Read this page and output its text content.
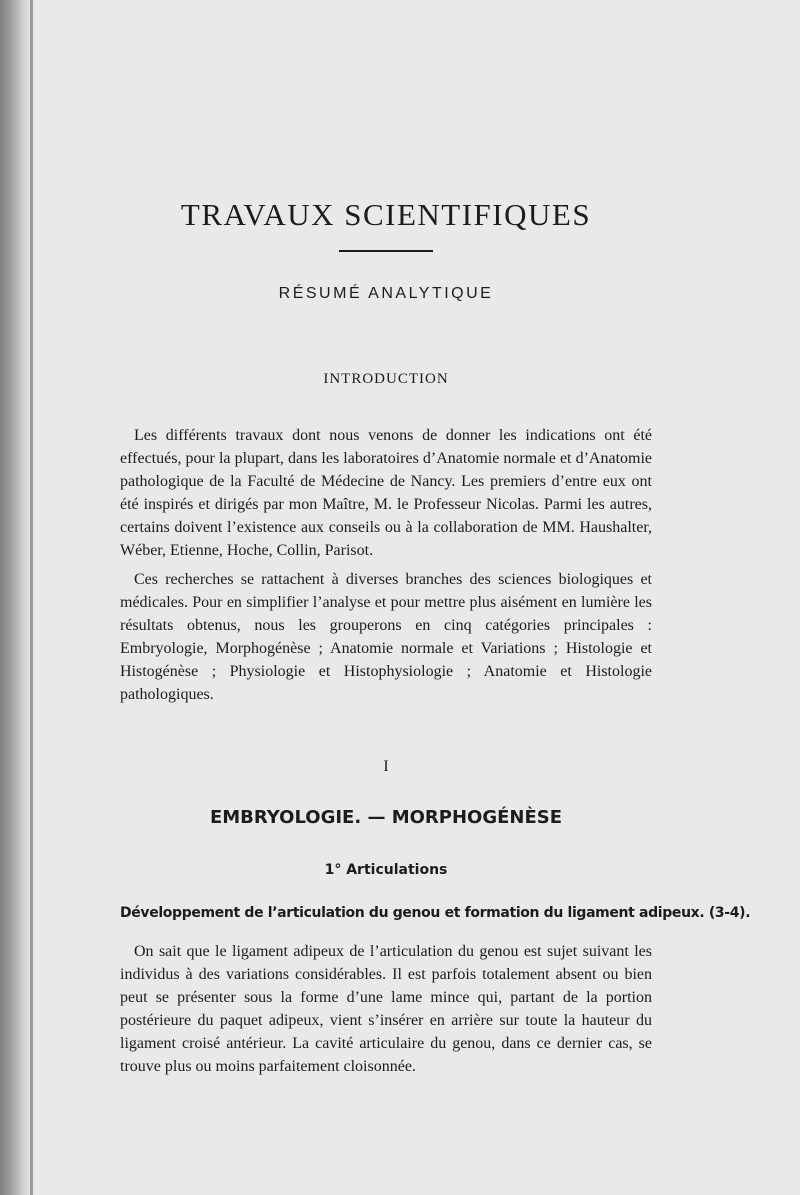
TRAVAUX SCIENTIFIQUES
RÉSUMÉ ANALYTIQUE
INTRODUCTION

Les différents travaux dont nous venons de donner les indications ont été effectués, pour la plupart, dans les laboratoires d’Anatomie normale et d’Anatomie pathologique de la Faculté de Médecine de Nancy. Les premiers d’entre eux ont été inspirés et dirigés par mon Maître, M. le Professeur Nicolas. Parmi les autres, certains doivent l’existence aux conseils ou à la collaboration de MM. Haushalter, Wéber, Etienne, Hoche, Collin, Parisot.

Ces recherches se rattachent à diverses branches des sciences biologiques et médicales. Pour en simplifier l’analyse et pour mettre plus aisément en lumière les résultats obtenus, nous les grouperons en cinq catégories principales : Embryologie, Morphogénèse ; Anatomie normale et Variations ; Histologie et Histogénèse ; Physiologie et Histophysiologie ; Anatomie et Histologie pathologiques.

I
EMBRYOLOGIE. — MORPHOGÉNÈSE
1° Articulations
Développement de l’articulation du genou et formation du ligament adipeux. (3-4).

On sait que le ligament adipeux de l’articulation du genou est sujet suivant les individus à des variations considérables. Il est parfois totalement absent ou bien peut se présenter sous la forme d’une lame mince qui, partant de la portion postérieure du paquet adipeux, vient s’insérer en arrière sur toute la hauteur du ligament croisé antérieur. La cavité articulaire du genou, dans ce dernier cas, se trouve plus ou moins parfaitement cloisonnée.
